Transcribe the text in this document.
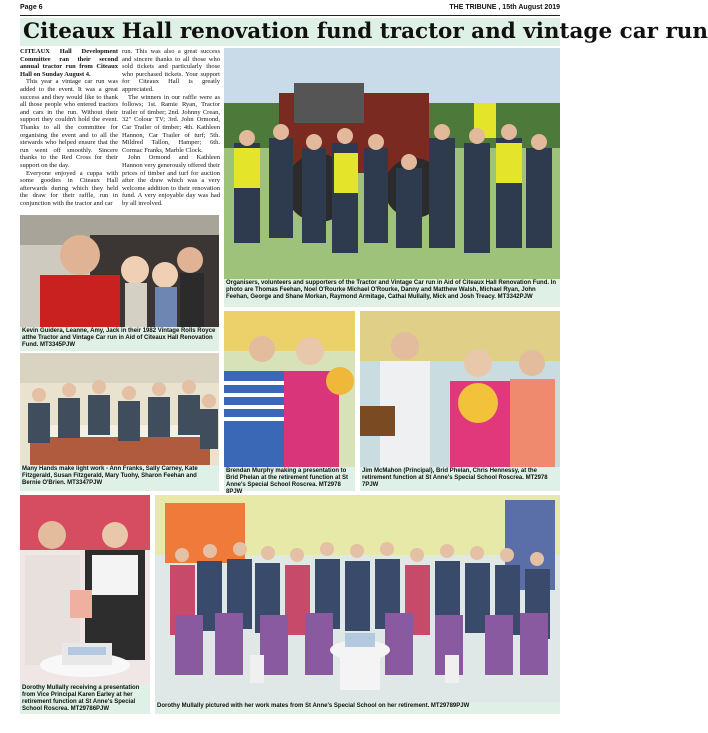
Page 6	THE TRIBUNE , 15th August 2019
Citeaux Hall renovation fund tractor and vintage car run

CITEAUX Hall Development Committee ran their second annual tractor run from Citeaux Hall on Sunday August 4.

This year a vintage car run was added to the event. It was a great success and they would like to thank all those people who entered tractors and cars in the run. Without their support they couldn't hold the event. Thanks to all the committee for organising the event and to all the stewards who helped ensure that the run went off smoothly. Sincere thanks to the Red Cross for their support on the day.

Everyone enjoyed a cuppa with some goodies in Citeaux Hall afterwards during which they held the draw for their raffle, run in conjunction with the tractor and car

run. This was also a great success and sincere thanks to all those who sold tickets and particularly those who purchased tickets. Your support for Citeaux Hall is greatly appreciated.

The winners in our raffle were as follows; 1st. Ramie Ryan, Tractor trailer of timber; 2nd. Johnny Crean, 32" Colour TV; 3rd. John Ormond, Car Trailer of timber; 4th. Kathleen Hannon, Car Trailer of turf; 5th. Mildred Tallon, Hamper; 6th. Cormac Franks, Marble Clock.

John Ormond and Kathleen Hannon very generously offered their prices of timber and turf for auction after the draw which was a very welcome addition to their renovation fund. A very enjoyable day was had by all involved.

Organisers, volunteers and supporters of the Tractor and Vintage Car run in Aid of Citeaux Hall Renovation Fund. In photo are Thomas Feehan, Noel O'Rourke Michael O'Rourke, Danny and Matthew Walsh, Michael Ryan, John Feehan, George and Shane Morkan, Raymond Armitage, Cathal Mullally, Mick and Josh Treacy. MT3342PJW
Kevin Guidera, Leanne, Amy, Jack in their 1982 Vintage Rolls Royce atthe Tractor and Vintage Car run in Aid of Citeaux Hall Renovation Fund. MT3345PJW
Many Hands make light work - Ann Franks, Sally Carney, Kate Fitzgerald, Susan Fitzgerald, Mary Tuohy, Sharon Feehan and Bernie O'Brien. MT3347PJW
Brendan Murphy making a presentation to Brid Phelan at the retirement function at St Anne's Special School Roscrea. MT2978 8PJW
Jim McMahon (Principal), Brid Phelan, Chris Hennessy, at the retirement function at St Anne's Special School Roscrea. MT2978 7PJW
Dorothy Mullally receiving a presentation from Vice Principal Karen Earley at her retirement function at St Anne's Special School Roscrea. MT29786PJW	Dorothy Mullally pictured with her work mates from St Anne's Special School on her retirement. MT29789PJW
